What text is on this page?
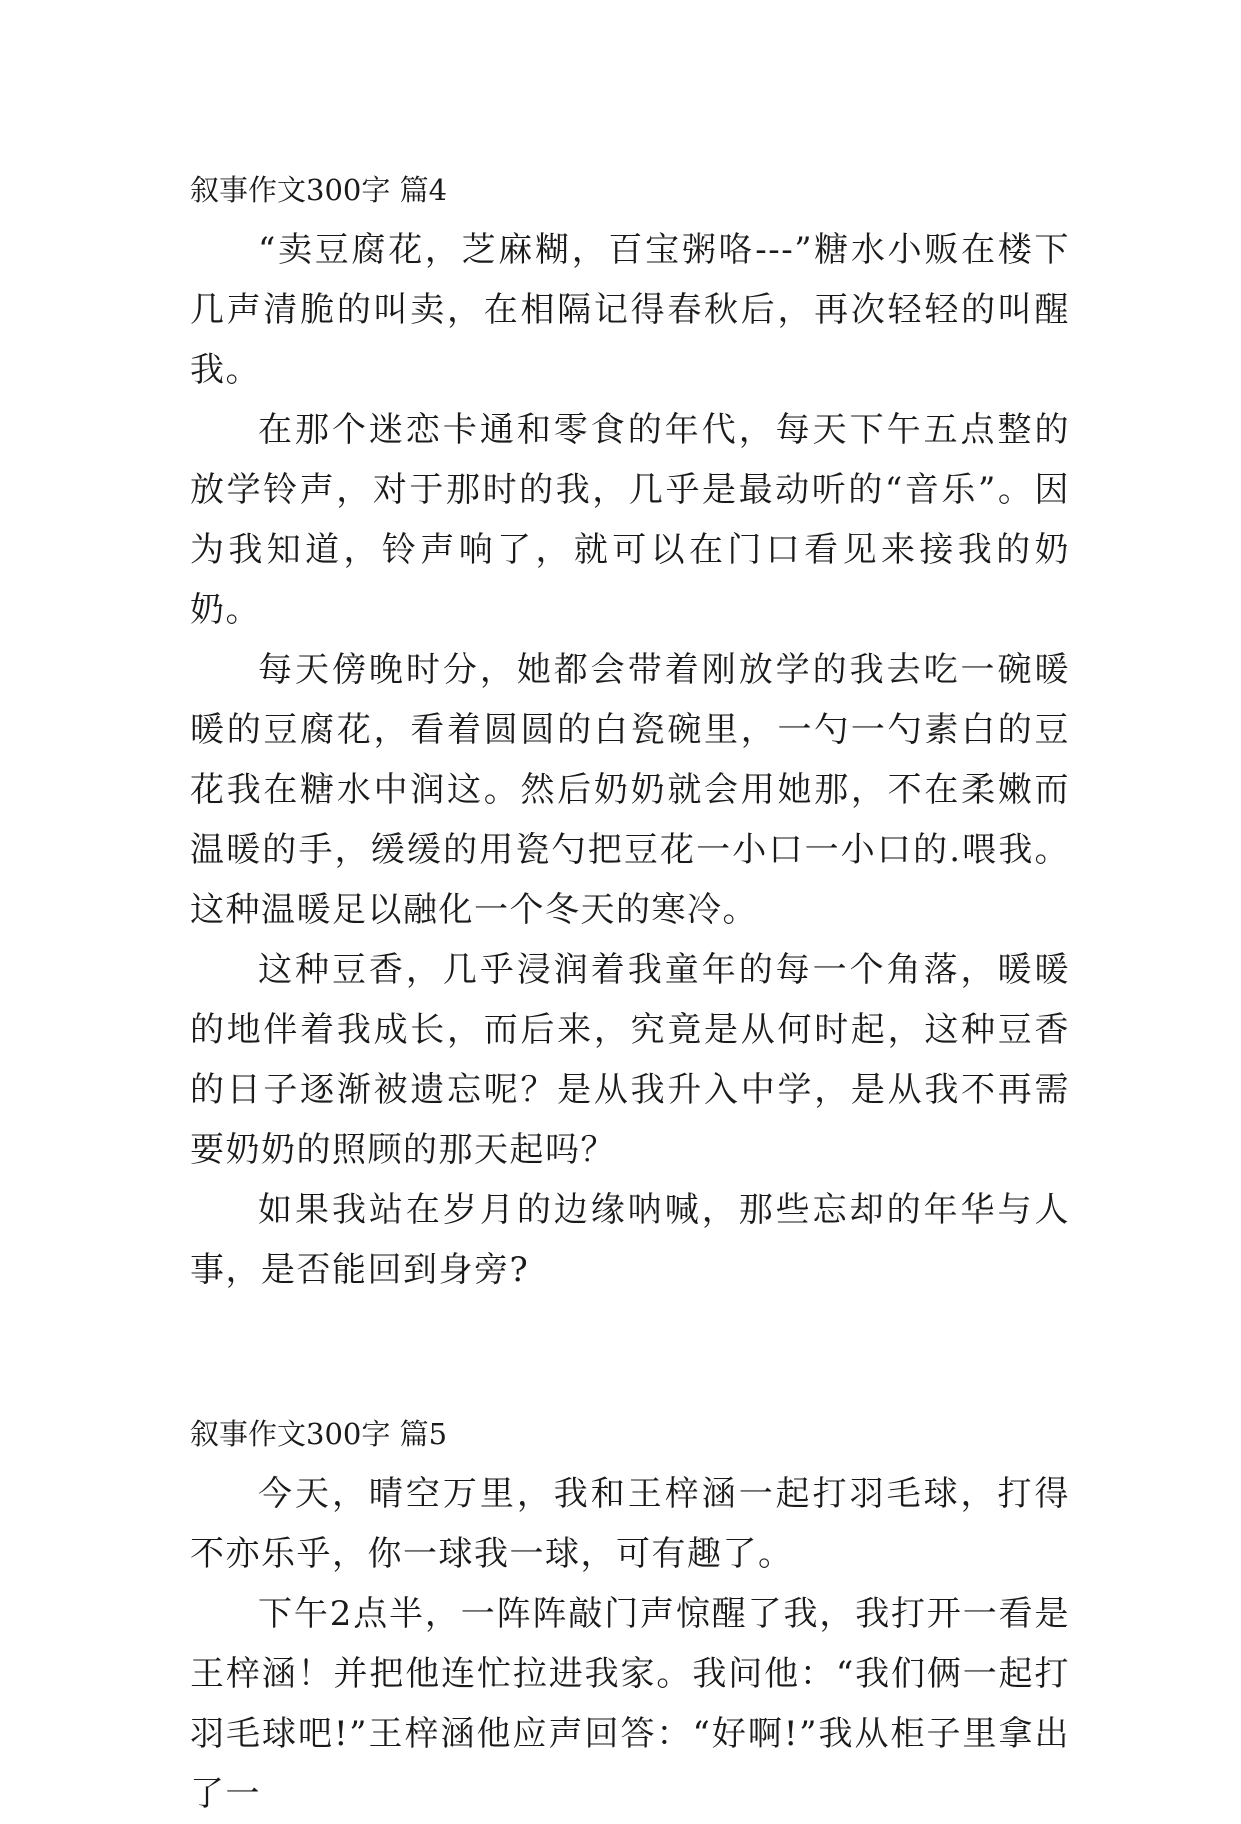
叙事作文300字 篇4

“卖豆腐花，芝麻糊，百宝粥咯---”糖水小贩在楼下几声清脆的叫卖，在相隔记得春秋后，再次轻轻的叫醒我。

在那个迷恋卡通和零食的年代，每天下午五点整的放学铃声，对于那时的我，几乎是最动听的“音乐”。因为我知道，铃声响了，就可以在门口看见来接我的奶奶。

每天傍晚时分，她都会带着刚放学的我去吃一碗暖暖的豆腐花，看着圆圆的白瓷碗里，一勺一勺素白的豆花我在糖水中润这。然后奶奶就会用她那，不在柔嫩而温暖的手，缓缓的用瓷勺把豆花一小口一小口的.喂我。这种温暖足以融化一个冬天的寒冷。

这种豆香，几乎浸润着我童年的每一个角落，暖暖的地伴着我成长，而后来，究竟是从何时起，这种豆香的日子逐渐被遗忘呢？是从我升入中学，是从我不再需要奶奶的照顾的那天起吗？

如果我站在岁月的边缘呐喊，那些忘却的年华与人事，是否能回到身旁?

叙事作文300字 篇5

今天，晴空万里，我和王梓涵一起打羽毛球，打得不亦乐乎，你一球我一球，可有趣了。

下午2点半，一阵阵敲门声惊醒了我，我打开一看是王梓涵！并把他连忙拉进我家。我问他：“我们俩一起打羽毛球吧!”王梓涵他应声回答：“好啊!”我从柜子里拿出了一
